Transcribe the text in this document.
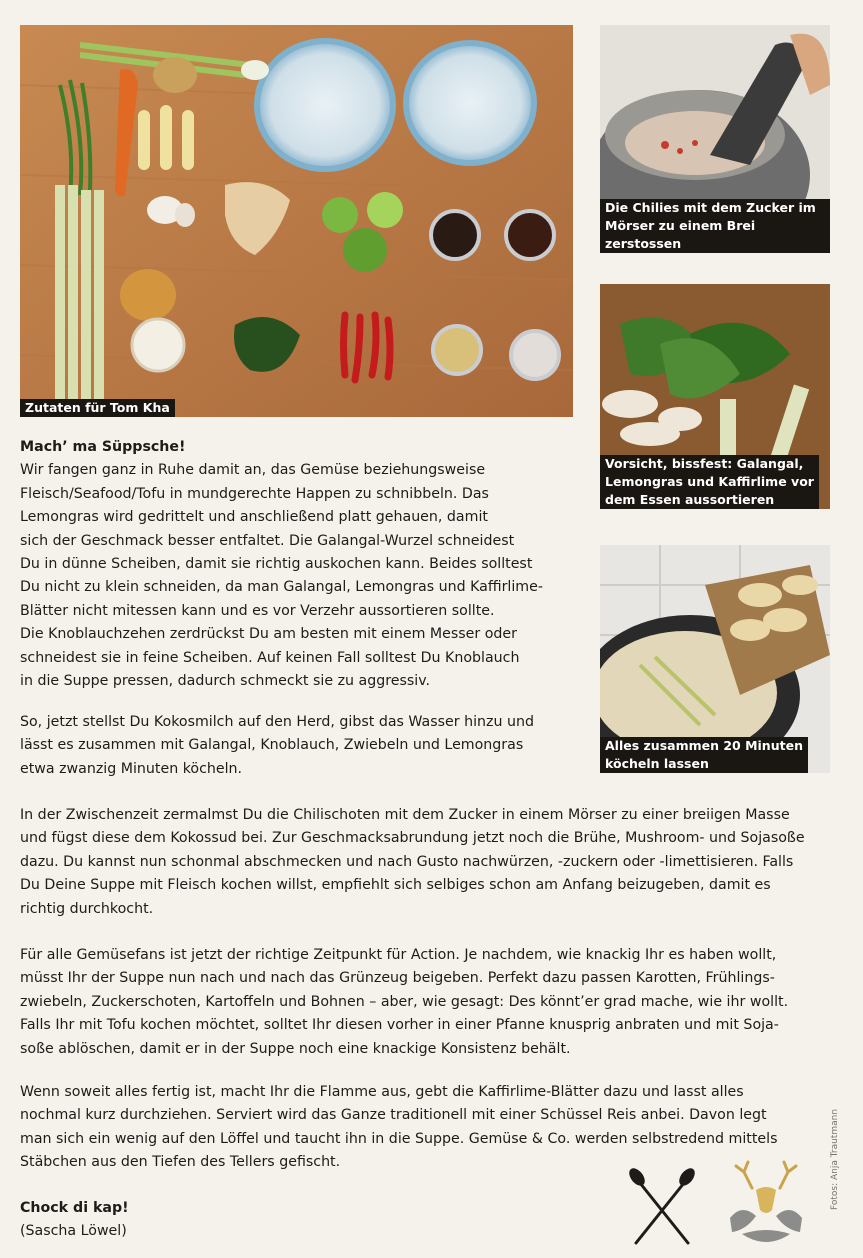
Zutaten für Tom Kha
Die Chilies mit dem Zucker im
Mörser zu einem Brei zerstossen
Vorsicht, bissfest: Galangal,
Lemongras und Kaffirlime vor
dem Essen aussortieren
Alles zusammen 20 Minuten
köcheln lassen

Mach’ ma Süppsche!

Wir fangen ganz in Ruhe damit an, das Gemüse beziehungsweise

Fleisch/Seafood/Tofu in mundgerechte Happen zu schnibbeln. Das

Lemongras wird gedrittelt und anschließend platt gehauen, damit

sich der Geschmack besser entfaltet. Die Galangal-Wurzel schneidest

Du in dünne Scheiben, damit sie richtig auskochen kann. Beides solltest

Du nicht zu klein schneiden, da man Galangal, Lemongras und Kaffirlime-

Blätter nicht mitessen kann und es vor Verzehr aussortieren sollte.

Die Knoblauchzehen zerdrückst Du am besten mit einem Messer oder

schneidest sie in feine Scheiben. Auf keinen Fall solltest Du Knoblauch

in die Suppe pressen, dadurch schmeckt sie zu aggressiv.

So, jetzt stellst Du Kokosmilch auf den Herd, gibst das Wasser hinzu und

lässt es zusammen mit Galangal, Knoblauch, Zwiebeln und Lemongras

etwa zwanzig Minuten köcheln.

In der Zwischenzeit zermalmst Du die Chilischoten mit dem Zucker in einem Mörser zu einer breiigen Masse

und fügst diese dem Kokossud bei. Zur Geschmacksabrundung jetzt noch die Brühe, Mushroom- und Sojasoße

dazu. Du kannst nun schonmal abschmecken und nach Gusto nachwürzen, -zuckern oder -limettisieren. Falls

Du Deine Suppe mit Fleisch kochen willst, empfiehlt sich selbiges schon am Anfang beizugeben, damit es

richtig durchkocht.

Für alle Gemüsefans ist jetzt der richtige Zeitpunkt für Action. Je nachdem, wie knackig Ihr es haben wollt,

müsst Ihr der Suppe nun nach und nach das Grünzeug beigeben. Perfekt dazu passen Karotten, Frühlings-

zwiebeln, Zuckerschoten, Kartoffeln und Bohnen – aber, wie gesagt: Des könnt’er grad mache, wie ihr wollt.

Falls Ihr mit Tofu kochen möchtet, solltet Ihr diesen vorher in einer Pfanne knusprig anbraten und mit Soja-

soße ablöschen, damit er in der Suppe noch eine knackige Konsistenz behält.

Wenn soweit alles fertig ist, macht Ihr die Flamme aus, gebt die Kaffirlime-Blätter dazu und lasst alles

nochmal kurz durchziehen. Serviert wird das Ganze traditionell mit einer Schüssel Reis anbei. Davon legt

man sich ein wenig auf den Löffel und taucht ihn in die Suppe. Gemüse & Co. werden selbstredend mittels

Stäbchen aus den Tiefen des Tellers gefischt.

Chock di kap!

(Sascha Löwel)

Fotos: Anja Trautmann
